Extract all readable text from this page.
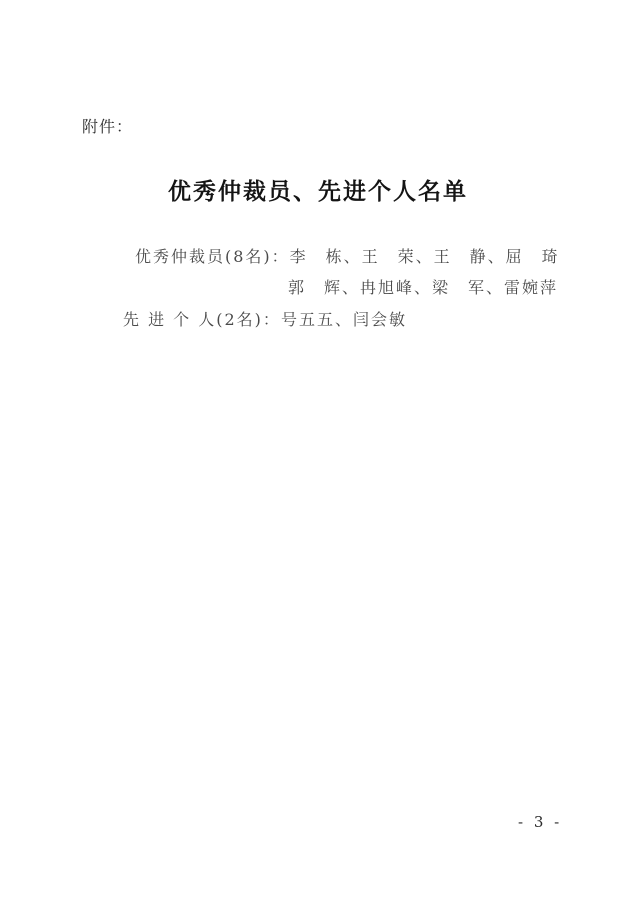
附件：
优秀仲裁员、先进个人名单
优秀仲裁员(8名)：李　栋、王　荣、王　静、屈　琦
郭　辉、冉旭峰、梁　军、雷婉萍
先 进 个 人(2名)：号五五、闫会敏
- 3 -
